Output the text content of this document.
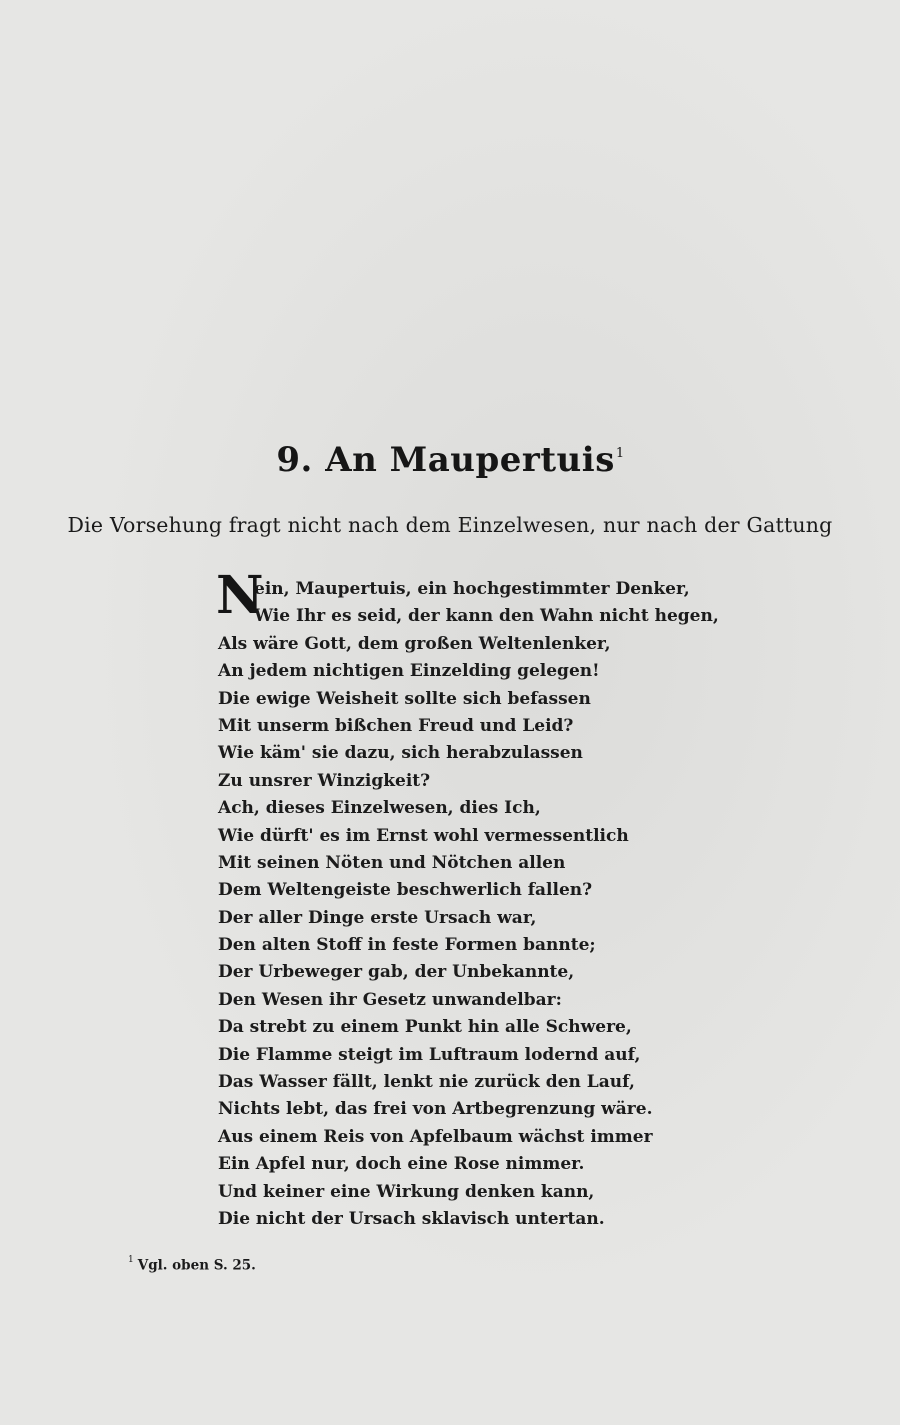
9. An Maupertuis$^1$
Die Vorsehung fragt nicht nach dem Einzelwesen, nur nach der Gattung
N
ein, Maupertuis, ein hochgestimmter Denker,
Wie Ihr es seid, der kann den Wahn nicht hegen,
Als wäre Gott, dem großen Weltenlenker,
An jedem nichtigen Einzelding gelegen!
Die ewige Weisheit sollte sich befassen
Mit unserm bißchen Freud und Leid?
Wie käm' sie dazu, sich herabzulassen
Zu unsrer Winzigkeit?
Ach, dieses Einzelwesen, dies Ich,
Wie dürft' es im Ernst wohl vermessentlich
Mit seinen Nöten und Nötchen allen
Dem Weltengeiste beschwerlich fallen?
Der aller Dinge erste Ursach war,
Den alten Stoff in feste Formen bannte;
Der Urbeweger gab, der Unbekannte,
Den Wesen ihr Gesetz unwandelbar:
Da strebt zu einem Punkt hin alle Schwere,
Die Flamme steigt im Luftraum lodernd auf,
Das Wasser fällt, lenkt nie zurück den Lauf,
Nichts lebt, das frei von Artbegrenzung wäre.
Aus einem Reis von Apfelbaum wächst immer
Ein Apfel nur, doch eine Rose nimmer.
Und keiner eine Wirkung denken kann,
Die nicht der Ursach sklavisch untertan.
$^1$ Vgl. oben S. 25.
